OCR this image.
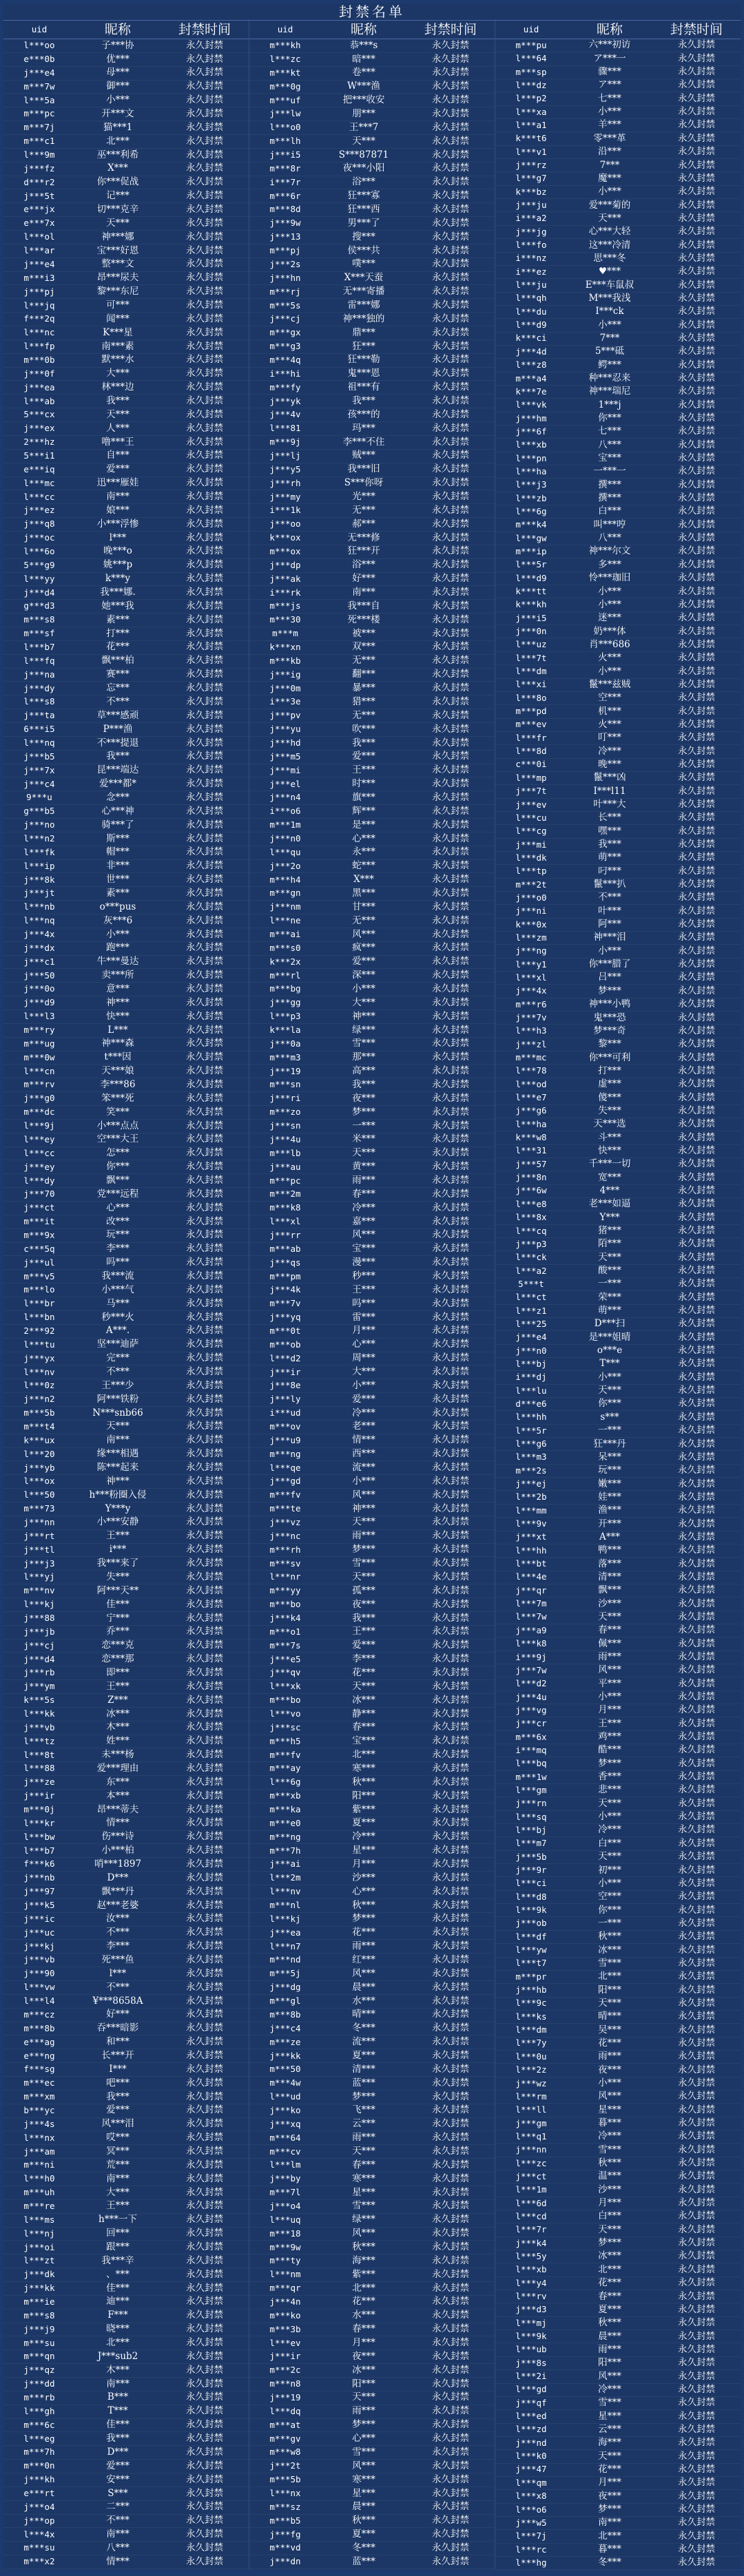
封禁名单
uid	昵称	封禁时间
l***oo	子***协	永久封禁
e***0b	优***	永久封禁
j***e4	母***	永久封禁
m***7w	御***	永久封禁
l***5a	小***	永久封禁
m***pc	开***文	永久封禁
m***7j	猫***1	永久封禁
m***c1	北***	永久封禁
l***9m	巫***利希	永久封禁
j***fz	X***	永久封禁
d***r2	你***促战	永久封禁
j***5t	记***	永久封禁
e***jx	切***克辛	永久封禁
e***7x	天***	永久封禁
l***ol	神***娜	永久封禁
l***ar	宝***好恩	永久封禁
j***e4	整***文	永久封禁
m***i3	昂***尿夫	永久封禁
j***pj	黎***东尼	永久封禁
l***jq	可***	永久封禁
f***2q	闻***	永久封禁
l***nc	K***星	永久封禁
l***fp	南***素	永久封禁
m***0b	默***水	永久封禁
j***0f	大***	永久封禁
j***ea	林***边	永久封禁
l***ab	我***	永久封禁
5***cx	天***	永久封禁
j***ex	人***	永久封禁
2***hz	噜***王	永久封禁
5***i1	自***	永久封禁
e***iq	爱***	永久封禁
l***mc	迅***雁娃	永久封禁
l***cc	南***	永久封禁
j***ez	娘***	永久封禁
j***q8	小***浮惨	永久封禁
j***oc	l***	永久封禁
l***6o	晚***o	永久封禁
5***g9	姚***p	永久封禁
l***yy	k***y	永久封禁
j***d4	我***娜.	永久封禁
g***d3	她***我	永久封禁
m***s8	素***	永久封禁
m***sf	打***	永久封禁
l***b7	花***	永久封禁
l***fq	飘***柏	永久封禁
j***na	赛***	永久封禁
j***dy	忘***	永久封禁
l***s8	不***	永久封禁
j***ta	草***感顽	永久封禁
6***i5	P***渔	永久封禁
l***nq	不***提退	永久封禁
j***b5	我***	永久封禁
j***7x	昆***端达	永久封禁
j***c4	爱***都*	永久封禁
9***u	念***	永久封禁
g***b5	心***神	永久封禁
j***no	骑***了	永久封禁
l***n2	斯***	永久封禁
l***fk	帽***	永久封禁
l***ip	非***	永久封禁
j***8k	世***	永久封禁
j***jt	素***	永久封禁
l***nb	o***pus	永久封禁
l***nq	灰***6	永久封禁
j***4x	小***	永久封禁
j***dx	跑***	永久封禁
j***c1	牛***曼达	永久封禁
j***50	卖***所	永久封禁
j***0o	意***	永久封禁
j***d9	神***	永久封禁
l***l3	快***	永久封禁
m***ry	L***	永久封禁
m***ug	神***森	永久封禁
m***0w	t***因	永久封禁
l***cn	天***娘	永久封禁
m***rv	李***86	永久封禁
j***g0	笨***死	永久封禁
m***dc	笑***	永久封禁
l***9j	小***点点	永久封禁
l***ey	空***大王	永久封禁
l***cc	怎***	永久封禁
j***ey	你***	永久封禁
l***dy	飘***	永久封禁
j***70	党***远程	永久封禁
j***ct	心***	永久封禁
m***it	改***	永久封禁
m***9x	玩***	永久封禁
c***5q	李***	永久封禁
j***ul	吗***	永久封禁
m***v5	我***流	永久封禁
m***lo	小***气	永久封禁
l***br	马***	永久封禁
l***bn	秒***火	永久封禁
2***92	A***.	永久封禁
l***tu	坚***迪萨	永久封禁
j***yx	完***	永久封禁
l***nv	不***	永久封禁
l***0z	王***少	永久封禁
j***n2	阿***铁粉	永久封禁
m***5b	N***snb66	永久封禁
m***t4	天***	永久封禁
k***ux	南***	永久封禁
l***20	缘***相遇	永久封禁
j***yb	陈***起来	永久封禁
l***ox	神***	永久封禁
l***50	h***粉圈入侵	永久封禁
m***73	Y***y	永久封禁
j***nn	小***安静	永久封禁
j***rt	王***	永久封禁
j***tl	i***	永久封禁
j***j3	我***来了	永久封禁
l***yj	失***	永久封禁
m***nv	阿***天**	永久封禁
l***kj	佳***	永久封禁
j***88	宁***	永久封禁
j***jb	乔***	永久封禁
j***cj	恋***克	永久封禁
j***d4	恋***那	永久封禁
j***rb	即***	永久封禁
j***ym	王***	永久封禁
k***5s	Z***	永久封禁
l***kk	冰***	永久封禁
j***vb	木***	永久封禁
l***tz	姓***	永久封禁
l***8t	未***杨	永久封禁
l***88	爱***理由	永久封禁
j***ze	东***	永久封禁
j***ir	本***	永久封禁
m***0j	昂***蒂夫	永久封禁
l***kr	情***	永久封禁
l***bw	伤***诗	永久封禁
l***b7	小***柏	永久封禁
f***k6	哨***1897	永久封禁
j***nb	D***	永久封禁
j***97	飘***丹	永久封禁
j***k5	赵***老婆	永久封禁
j***ic	汝***	永久封禁
j***uc	不***	永久封禁
j***kj	李***	永久封禁
j***vb	死***鱼	永久封禁
j***90	l***	永久封禁
l***vw	不***	永久封禁
l***l4	¥***8658A	永久封禁
m***cz	好***	永久封禁
m***8b	吞***暗影	永久封禁
e***ag	和***	永久封禁
e***ng	长***开	永久封禁
f***sg	I***	永久封禁
m***ec	吧***	永久封禁
m***xm	我***	永久封禁
b***yc	爱***	永久封禁
j***4s	风***泪	永久封禁
l***nx	哎***	永久封禁
j***am	冥***	永久封禁
m***ni	荒***	永久封禁
l***h0	南***	永久封禁
m***uh	大***	永久封禁
m***re	王***	永久封禁
l***ms	h***一下	永久封禁
l***nj	回***	永久封禁
j***oi	跟***	永久封禁
l***zt	我***辛	永久封禁
j***dk	、***	永久封禁
j***kk	佳***	永久封禁
m***ie	迪***	永久封禁
m***s8	F***	永久封禁
j***j9	晓***	永久封禁
m***su	北***	永久封禁
m***qn	J***sub2	永久封禁
j***qz	木***	永久封禁
j***dd	南***	永久封禁
m***rb	B***	永久封禁
l***gh	T***	永久封禁
m***6c	佳***	永久封禁
l***eg	我***	永久封禁
m***7h	D***	永久封禁
m***0n	爱***	永久封禁
j***kh	安***	永久封禁
e***rt	S***	永久封禁
j***o4	二***	永久封禁
j***op	不***	永久封禁
l***4x	南***	永久封禁
m***su	八***	永久封禁
m***x2	情***	永久封禁
uid	昵称	封禁时间
m***kh	恭***s	永久封禁
l***zc	暗***	永久封禁
m***kt	卷***	永久封禁
m***0g	W***渔	永久封禁
m***uf	把***收安	永久封禁
j***lw	朋***	永久封禁
l***o0	王***7	永久封禁
m***lh	天***	永久封禁
j***i5	S***87871	永久封禁
m***8r	夜***小阳	永久封禁
i***7r	浴***	永久封禁
m***6r	狂***寡	永久封禁
m***8d	狂***西	永久封禁
j***9w	男***了	永久封禁
j***13	搜***	永久封禁
m***pj	侯***共	永久封禁
j***2s	噗***	永久封禁
j***hn	X***天蚕	永久封禁
m***rj	无***寄播	永久封禁
m***5s	雷***娜	永久封禁
j***cj	神***独的	永久封禁
m***gx	鼎***	永久封禁
m***g3	狂***	永久封禁
m***4q	狂***勒	永久封禁
i***hi	鬼***恩	永久封禁
m***fy	祖***有	永久封禁
j***yk	我***	永久封禁
j***4v	孩***的	永久封禁
l***81	玛***	永久封禁
m***9j	李***不住	永久封禁
j***lj	贼***	永久封禁
j***y5	我***旧	永久封禁
j***rh	S***你呀	永久封禁
j***my	光***	永久封禁
i***1k	无***	永久封禁
j***oo	郝***	永久封禁
k***ox	无***修	永久封禁
m***ox	狂***开	永久封禁
j***dp	浴***	永久封禁
j***ak	好***	永久封禁
i***rk	南***	永久封禁
m***js	我***自	永久封禁
m***30	死***楼	永久封禁
m***m	被***	永久封禁
k***xn	双***	永久封禁
m***kb	无***	永久封禁
j***ig	翻***	永久封禁
j***0m	暴***	永久封禁
i***3e	猎***	永久封禁
j***pv	无***	永久封禁
j***yu	吹***	永久封禁
j***hd	我***	永久封禁
j***m5	爱***	永久封禁
j***mi	王***	永久封禁
j***el	时***	永久封禁
j***n4	旗***	永久封禁
i***o6	辉***	永久封禁
m***1m	是***	永久封禁
j***n0	心***	永久封禁
l***qu	永***	永久封禁
j***2o	蛇***	永久封禁
m***h4	X***	永久封禁
m***gn	黑***	永久封禁
j***nm	甘***	永久封禁
l***ne	无***	永久封禁
m***ai	风***	永久封禁
m***s0	疯***	永久封禁
k***2x	爱***	永久封禁
m***rl	深***	永久封禁
m***bg	小***	永久封禁
j***gg	大***	永久封禁
l***p3	神***	永久封禁
k***la	绿***	永久封禁
j***0a	雪***	永久封禁
m***m3	那***	永久封禁
j***19	高***	永久封禁
m***sn	我***	永久封禁
j***ri	夜***	永久封禁
m***zo	梦***	永久封禁
j***sn	一***	永久封禁
j***4u	米***	永久封禁
m***lb	天***	永久封禁
j***au	黄***	永久封禁
m***pc	雨***	永久封禁
m***2m	春***	永久封禁
m***k8	冷***	永久封禁
l***xl	嘉***	永久封禁
j***rr	风***	永久封禁
m***ab	宝***	永久封禁
j***qs	漫***	永久封禁
m***pm	秒***	永久封禁
j***4k	王***	永久封禁
m***7v	吗***	永久封禁
j***yq	雷***	永久封禁
m***0t	月***	永久封禁
m***ob	心***	永久封禁
l***d2	周***	永久封禁
j***ir	大***	永久封禁
j***8e	小***	永久封禁
j***ly	爱***	永久封禁
i***ud	冷***	永久封禁
m***ov	老***	永久封禁
j***u9	情***	永久封禁
m***ng	西***	永久封禁
l***qe	流***	永久封禁
j***gd	小***	永久封禁
m***fv	风***	永久封禁
m***te	神***	永久封禁
j***vz	天***	永久封禁
j***nc	雨***	永久封禁
m***rh	梦***	永久封禁
m***sv	雪***	永久封禁
l***nr	天***	永久封禁
m***yy	孤***	永久封禁
m***bo	夜***	永久封禁
j***k4	我***	永久封禁
m***o1	王***	永久封禁
m***7s	爱***	永久封禁
j***e5	李***	永久封禁
j***qv	花***	永久封禁
l***xk	天***	永久封禁
m***bo	冰***	永久封禁
l***vo	静***	永久封禁
j***sc	春***	永久封禁
m***h5	宝***	永久封禁
m***fv	北***	永久封禁
m***ay	寒***	永久封禁
l***6g	秋***	永久封禁
m***xb	阳***	永久封禁
m***ka	紫***	永久封禁
m***e0	夏***	永久封禁
m***ng	冷***	永久封禁
m***7h	星***	永久封禁
j***ai	月***	永久封禁
l***2m	沙***	永久封禁
l***nv	心***	永久封禁
m***nl	秋***	永久封禁
l***kj	梦***	永久封禁
j***ea	花***	永久封禁
l***n7	雨***	永久封禁
m***nd	红***	永久封禁
m***5j	风***	永久封禁
j***dg	晨***	永久封禁
m***gl	水***	永久封禁
m***8b	晴***	永久封禁
j***c4	冬***	永久封禁
m***ze	流***	永久封禁
j***kk	夏***	永久封禁
m***50	清***	永久封禁
m***4w	蓝***	永久封禁
l***ud	梦***	永久封禁
j***ko	飞***	永久封禁
j***xq	云***	永久封禁
m***64	雨***	永久封禁
m***cv	天***	永久封禁
l***lm	春***	永久封禁
j***by	寒***	永久封禁
m***7l	星***	永久封禁
j***o4	雪***	永久封禁
l***uq	绿***	永久封禁
m***18	风***	永久封禁
m***9w	秋***	永久封禁
m***ty	海***	永久封禁
l***nm	紫***	永久封禁
m***qr	北***	永久封禁
j***4n	花***	永久封禁
m***ko	水***	永久封禁
m***3b	春***	永久封禁
l***ev	月***	永久封禁
j***ir	夜***	永久封禁
m***2c	冰***	永久封禁
m***n8	阳***	永久封禁
j***19	天***	永久封禁
l***dq	雨***	永久封禁
m***at	梦***	永久封禁
m***gv	心***	永久封禁
m***w8	雪***	永久封禁
j***2t	风***	永久封禁
m***5b	寒***	永久封禁
l***nx	星***	永久封禁
m***sz	晨***	永久封禁
m***b5	秋***	永久封禁
j***fg	夏***	永久封禁
m***vd	冬***	永久封禁
j***dn	蓝***	永久封禁
uid	昵称	封禁时间
m***pu	六***初访	永久封禁
l***64	ア***一	永久封禁
m***sp	骤***	永久封禁
l***dz	ア***	永久封禁
l***p2	七***	永久封禁
l***xa	小***	永久封禁
l***a1	羊***	永久封禁
k***t6	零***革	永久封禁
l***v1	沿***	永久封禁
j***rz	7***	永久封禁
l***g7	魔***	永久封禁
k***bz	小***	永久封禁
j***ju	爱***菊的	永久封禁
i***a2	天***	永久封禁
j***jg	心***大轻	永久封禁
l***fo	这***冷清	永久封禁
i***nz	思***冬	永久封禁
i***ez	♥***	永久封禁
l***ju	E***车鼠叔	永久封禁
l***qh	M***我浅	永久封禁
l***du	I***ck	永久封禁
l***d9	小***	永久封禁
k***ci	7***	永久封禁
j***4d	5***砥	永久封禁
l***z8	鳄***	永久封禁
m***a4	种***忍来	永久封禁
k***7e	神***瑞尼	永久封禁
l***vk	1***j	永久封禁
j***hm	你***	永久封禁
j***6f	七***	永久封禁
l***xb	八***	永久封禁
l***pn	宝***	永久封禁
l***ha	一***一	永久封禁
l***j3	撰***	永久封禁
l***zb	撰***	永久封禁
l***6g	白***	永久封禁
m***k4	叫***哼	永久封禁
l***gw	八***	永久封禁
m***ip	神***尔文	永久封禁
l***5r	多***	永久封禁
l***d9	怜***珈旧	永久封禁
k***tt	小***	永久封禁
k***kh	小***	永久封禁
j***i5	迷***	永久封禁
j***0n	奶***体	永久封禁
l***uz	肖***686	永久封禁
l***7t	火***	永久封禁
l***dm	小***	永久封禁
l***xi	鬣***兹贼	永久封禁
l***8o	空***	永久封禁
m***pd	机***	永久封禁
m***ev	火***	永久封禁
l***fr	叮***	永久封禁
l***8d	冷***	永久封禁
c***0i	晚***	永久封禁
l***mp	鬣***凶	永久封禁
j***7t	I***l11	永久封禁
j***ev	叶***大	永久封禁
l***cu	长***	永久封禁
l***cg	嘿***	永久封禁
j***mi	我***	永久封禁
l***dk	萌***	永久封禁
l***tp	叼***	永久封禁
m***2t	鬣***扒	永久封禁
j***o0	不***	永久封禁
j***ni	叶***	永久封禁
k***0x	阿***	永久封禁
l***zm	神***泪	永久封禁
j***ng	小***	永久封禁
l***y1	你***腊了	永久封禁
l***xl	吕***	永久封禁
j***4x	梦***	永久封禁
m***r6	神***小鸭	永久封禁
j***7v	鬼***恐	永久封禁
l***h3	梦***奇	永久封禁
j***zl	黎***	永久封禁
m***mc	你***可利	永久封禁
l***78	打***	永久封禁
l***od	虚***	永久封禁
l***e7	傻***	永久封禁
j***g6	失***	永久封禁
l***ha	天***选	永久封禁
k***w8	斗***	永久封禁
l***31	快***	永久封禁
j***57	千***一切	永久封禁
j***8n	宽***	永久封禁
j***6w	4***	永久封禁
l***e8	老***如逼	永久封禁
l***8x	Y***	永久封禁
l***cq	猪***	永久封禁
j***p3	陌***	永久封禁
l***ck	天***	永久封禁
l***a2	酸***	永久封禁
5***t	一***	永久封禁
l***ct	荣***	永久封禁
l***z1	萌***	永久封禁
l***25	D***扫	永久封禁
j***e4	是***姐晴	永久封禁
j***n0	o***e	永久封禁
l***bj	T***	永久封禁
i***dj	小***	永久封禁
l***lu	天***	永久封禁
d***e6	你***	永久封禁
l***hh	s***	永久封禁
l***5r	一***	永久封禁
l***g6	狂***丹	永久封禁
l***m3	呆***	永久封禁
m***2s	玩***	永久封禁
j***ej	嫩***	永久封禁
l***2b	娃***	永久封禁
l***mm	渔***	永久封禁
l***9v	开***	永久封禁
j***xt	A***	永久封禁
l***hh	鸭***	永久封禁
l***bt	落***	永久封禁
l***4e	清***	永久封禁
j***qr	飘***	永久封禁
l***7m	沙***	永久封禁
l***7w	天***	永久封禁
j***a9	春***	永久封禁
l***k8	佩***	永久封禁
i***9j	雨***	永久封禁
j***7w	风***	永久封禁
l***d2	平***	永久封禁
j***4u	小***	永久封禁
j***vg	月***	永久封禁
j***cr	王***	永久封禁
m***6x	鸡***	永久封禁
i***mq	酷***	永久封禁
l***bq	梦***	永久封禁
m***1w	香***	永久封禁
l***gm	悲***	永久封禁
j***rn	天***	永久封禁
l***sq	小***	永久封禁
l***bj	冷***	永久封禁
l***m7	白***	永久封禁
j***5b	天***	永久封禁
j***9r	初***	永久封禁
l***ci	小***	永久封禁
l***d8	空***	永久封禁
l***9k	你***	永久封禁
j***ob	一***	永久封禁
l***df	秋***	永久封禁
l***yw	冰***	永久封禁
l***t7	雪***	永久封禁
m***pr	北***	永久封禁
j***hb	阳***	永久封禁
l***9c	天***	永久封禁
l***ks	晴***	永久封禁
l***dm	吴***	永久封禁
l***7y	花***	永久封禁
l***0u	雨***	永久封禁
l***2z	夜***	永久封禁
j***wz	小***	永久封禁
l***rm	风***	永久封禁
l***ll	星***	永久封禁
j***gm	暮***	永久封禁
l***q1	冷***	永久封禁
j***nn	雪***	永久封禁
l***zc	秋***	永久封禁
j***ct	温***	永久封禁
l***1m	沙***	永久封禁
l***6d	月***	永久封禁
l***cd	白***	永久封禁
l***7r	天***	永久封禁
j***k4	梦***	永久封禁
l***5y	冰***	永久封禁
l***xb	北***	永久封禁
l***y4	花***	永久封禁
l***rv	春***	永久封禁
j***d3	夏***	永久封禁
l***mj	秋***	永久封禁
l***9k	晨***	永久封禁
l***ub	雨***	永久封禁
j***8s	阳***	永久封禁
l***2i	风***	永久封禁
l***gd	冷***	永久封禁
j***qf	雪***	永久封禁
l***ed	星***	永久封禁
l***zd	云***	永久封禁
j***nd	海***	永久封禁
l***k0	天***	永久封禁
j***47	花***	永久封禁
l***qm	月***	永久封禁
l***x8	夜***	永久封禁
l***o6	梦***	永久封禁
j***w5	南***	永久封禁
l***7j	北***	永久封禁
l***rc	暮***	永久封禁
l***hg	冬***	永久封禁
